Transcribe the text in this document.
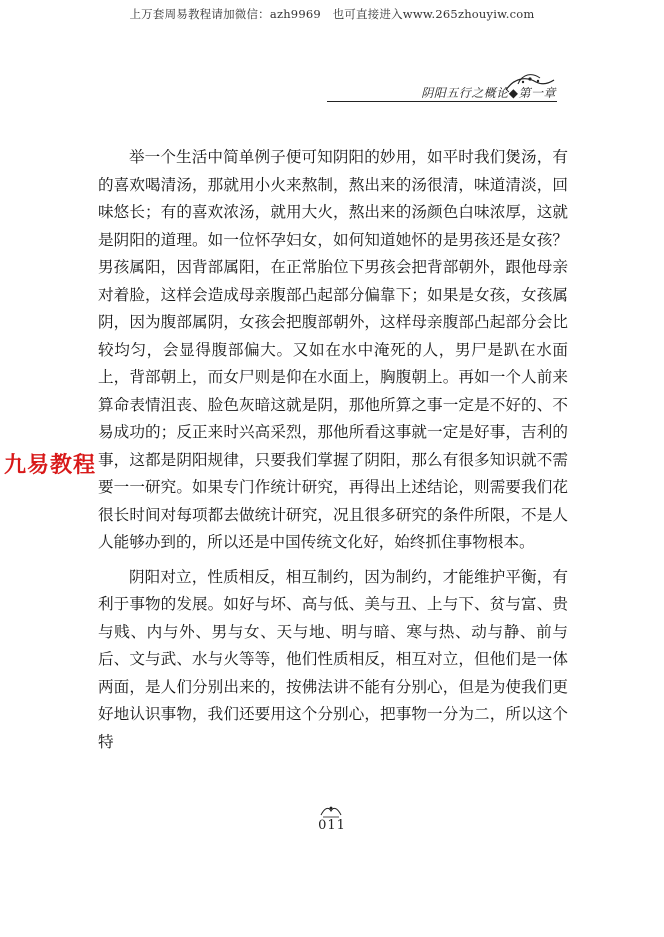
上万套周易教程请加微信：azh9969　也可直接进入www.265zhouyiw.com
阴阳五行之概论◆第一章

举一个生活中简单例子便可知阴阳的妙用，如平时我们煲汤，有的喜欢喝清汤，那就用小火来熬制，熬出来的汤很清，味道清淡，回味悠长；有的喜欢浓汤，就用大火，熬出来的汤颜色白味浓厚，这就是阴阳的道理。如一位怀孕妇女，如何知道她怀的是男孩还是女孩？男孩属阳，因背部属阳，在正常胎位下男孩会把背部朝外，跟他母亲对着脸，这样会造成母亲腹部凸起部分偏靠下；如果是女孩，女孩属阴，因为腹部属阴，女孩会把腹部朝外，这样母亲腹部凸起部分会比较均匀，会显得腹部偏大。又如在水中淹死的人，男尸是趴在水面上，背部朝上，而女尸则是仰在水面上，胸腹朝上。再如一个人前来算命表情沮丧、脸色灰暗这就是阴，那他所算之事一定是不好的、不易成功的；反正来时兴高采烈，那他所看这事就一定是好事，吉利的事，这都是阴阳规律，只要我们掌握了阴阳，那么有很多知识就不需要一一研究。如果专门作统计研究，再得出上述结论，则需要我们花很长时间对每项都去做统计研究，况且很多研究的条件所限，不是人人能够办到的，所以还是中国传统文化好，始终抓住事物根本。

阴阳对立，性质相反，相互制约，因为制约，才能维护平衡，有利于事物的发展。如好与坏、高与低、美与丑、上与下、贫与富、贵与贱、内与外、男与女、天与地、明与暗、寒与热、动与静、前与后、文与武、水与火等等，他们性质相反，相互对立，但他们是一体两面，是人们分别出来的，按佛法讲不能有分别心，但是为使我们更好地认识事物，我们还要用这个分别心，把事物一分为二，所以这个特

九易教程
011
